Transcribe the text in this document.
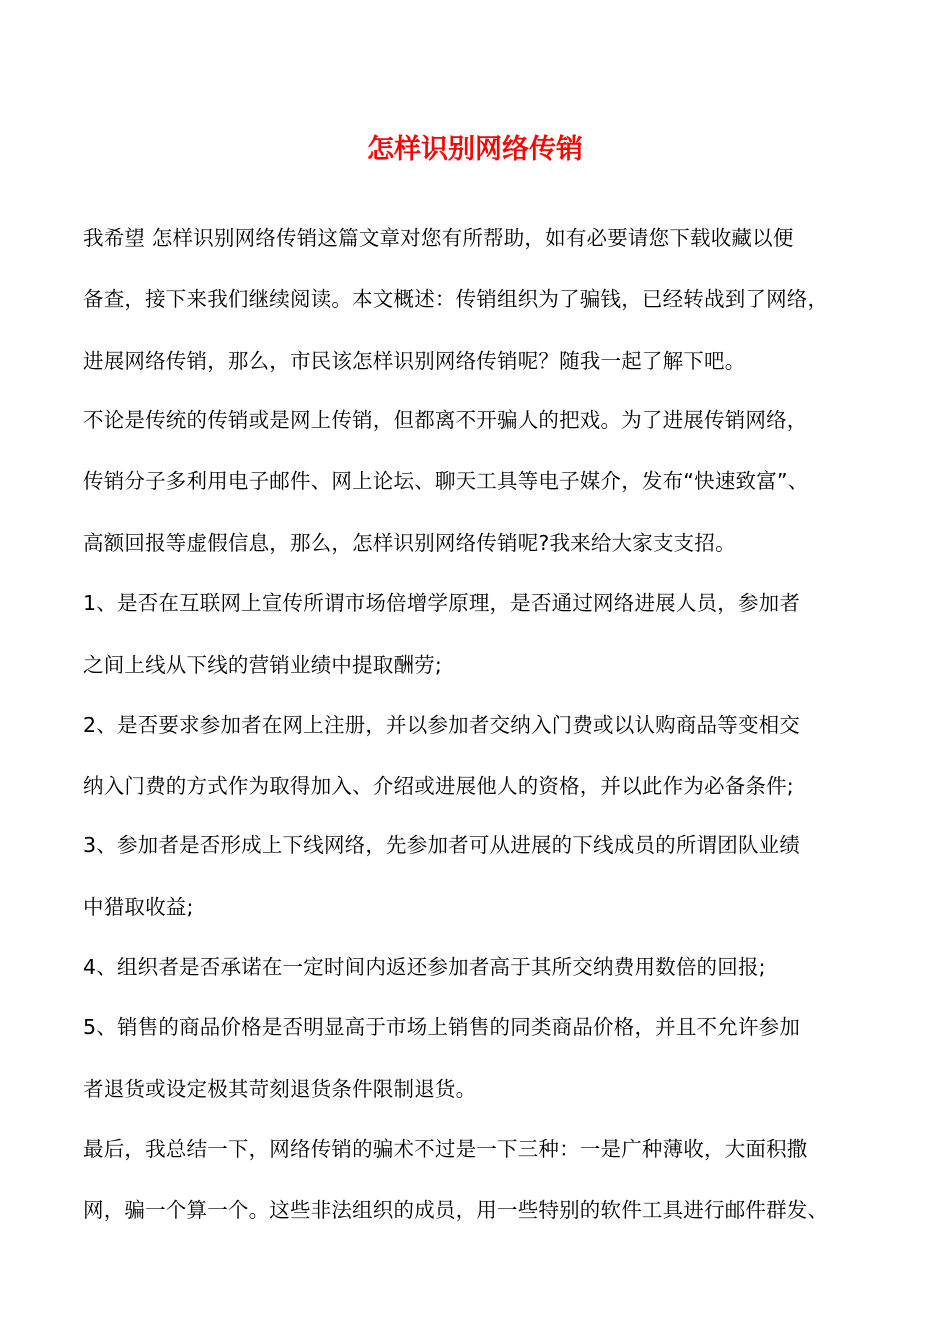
怎样识别网络传销

我希望 怎样识别网络传销这篇文章对您有所帮助，如有必要请您下载收藏以便

备查，接下来我们继续阅读。本文概述：传销组织为了骗钱，已经转战到了网络，

进展网络传销，那么，市民该怎样识别网络传销呢？随我一起了解下吧。

不论是传统的传销或是网上传销，但都离不开骗人的把戏。为了进展传销网络，

传销分子多利用电子邮件、网上论坛、聊天工具等电子媒介，发布“快速致富”、

高额回报等虚假信息，那么，怎样识别网络传销呢?我来给大家支支招。

1、是否在互联网上宣传所谓市场倍增学原理，是否通过网络进展人员，参加者

之间上线从下线的营销业绩中提取酬劳;

2、是否要求参加者在网上注册，并以参加者交纳入门费或以认购商品等变相交

纳入门费的方式作为取得加入、介绍或进展他人的资格，并以此作为必备条件;

3、参加者是否形成上下线网络，先参加者可从进展的下线成员的所谓团队业绩

中猎取收益;

4、组织者是否承诺在一定时间内返还参加者高于其所交纳费用数倍的回报;

5、销售的商品价格是否明显高于市场上销售的同类商品价格，并且不允许参加

者退货或设定极其苛刻退货条件限制退货。

最后，我总结一下，网络传销的骗术不过是一下三种：一是广种薄收，大面积撒

网，骗一个算一个。这些非法组织的成员，用一些特别的软件工具进行邮件群发、
